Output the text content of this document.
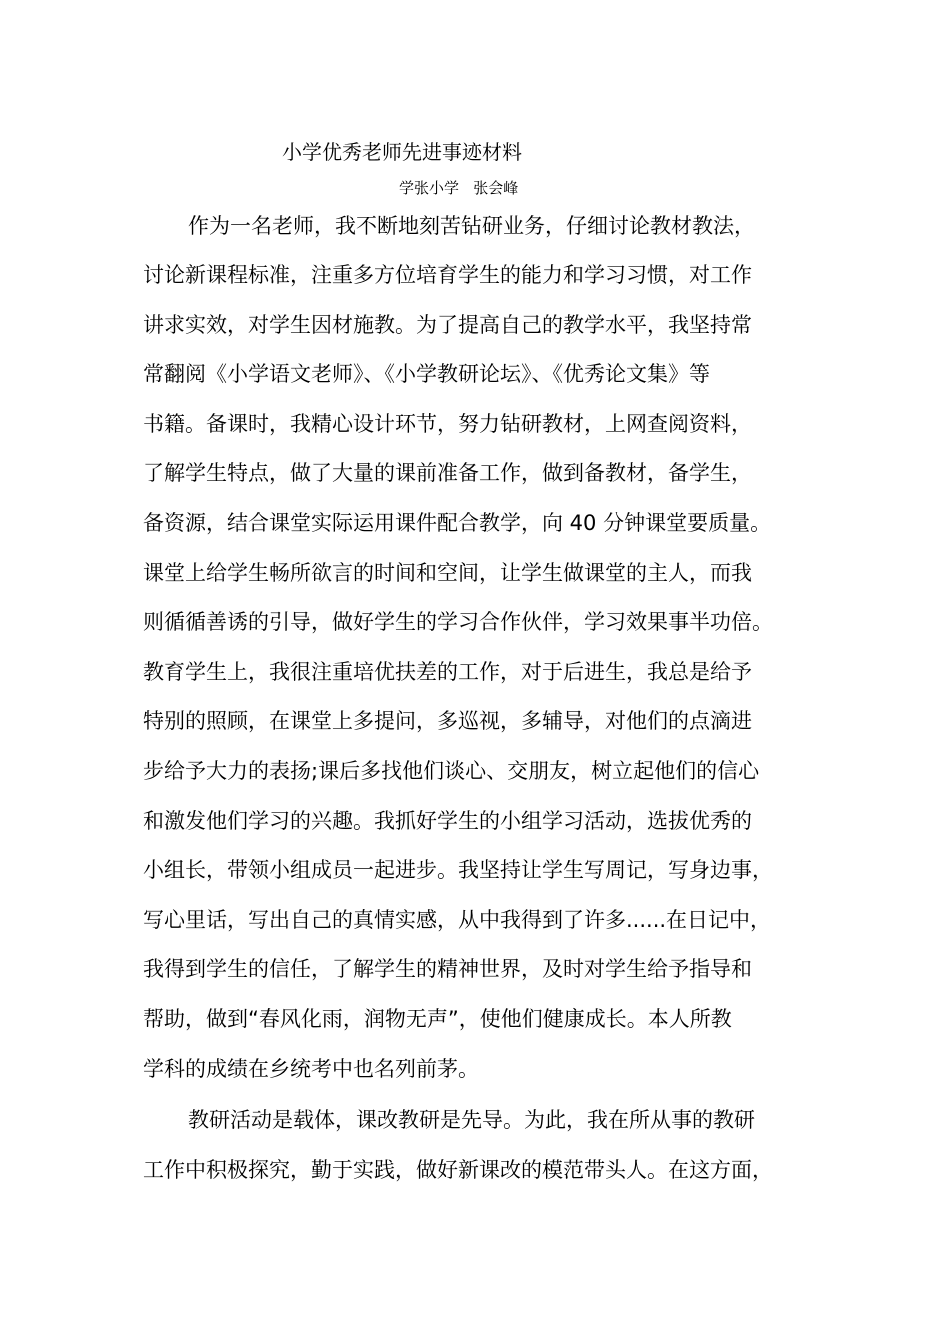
小学优秀老师先进事迹材料
学张小学   张会峰
作为一名老师，我不断地刻苦钻研业务，仔细讨论教材教法，
讨论新课程标准，注重多方位培育学生的能力和学习习惯，对工作
讲求实效，对学生因材施教。为了提高自己的教学水平，我坚持常
常翻阅《小学语文老师》、《小学教研论坛》、《优秀论文集》等
书籍。备课时，我精心设计环节，努力钻研教材，上网查阅资料，
了解学生特点，做了大量的课前准备工作，做到备教材，备学生，
备资源，结合课堂实际运用课件配合教学，向 40 分钟课堂要质量。
课堂上给学生畅所欲言的时间和空间，让学生做课堂的主人，而我
则循循善诱的引导，做好学生的学习合作伙伴，学习效果事半功倍。
教育学生上，我很注重培优扶差的工作，对于后进生，我总是给予
特别的照顾，在课堂上多提问，多巡视，多辅导，对他们的点滴进
步给予大力的表扬;课后多找他们谈心、交朋友，树立起他们的信心
和激发他们学习的兴趣。我抓好学生的小组学习活动，选拔优秀的
小组长，带领小组成员一起进步。我坚持让学生写周记，写身边事，
写心里话，写出自己的真情实感，从中我得到了许多......在日记中，
我得到学生的信任，了解学生的精神世界，及时对学生给予指导和
帮助，做到“春风化雨，润物无声”，使他们健康成长。本人所教
学科的成绩在乡统考中也名列前茅。
教研活动是载体，课改教研是先导。为此，我在所从事的教研
工作中积极探究，勤于实践，做好新课改的模范带头人。在这方面，
